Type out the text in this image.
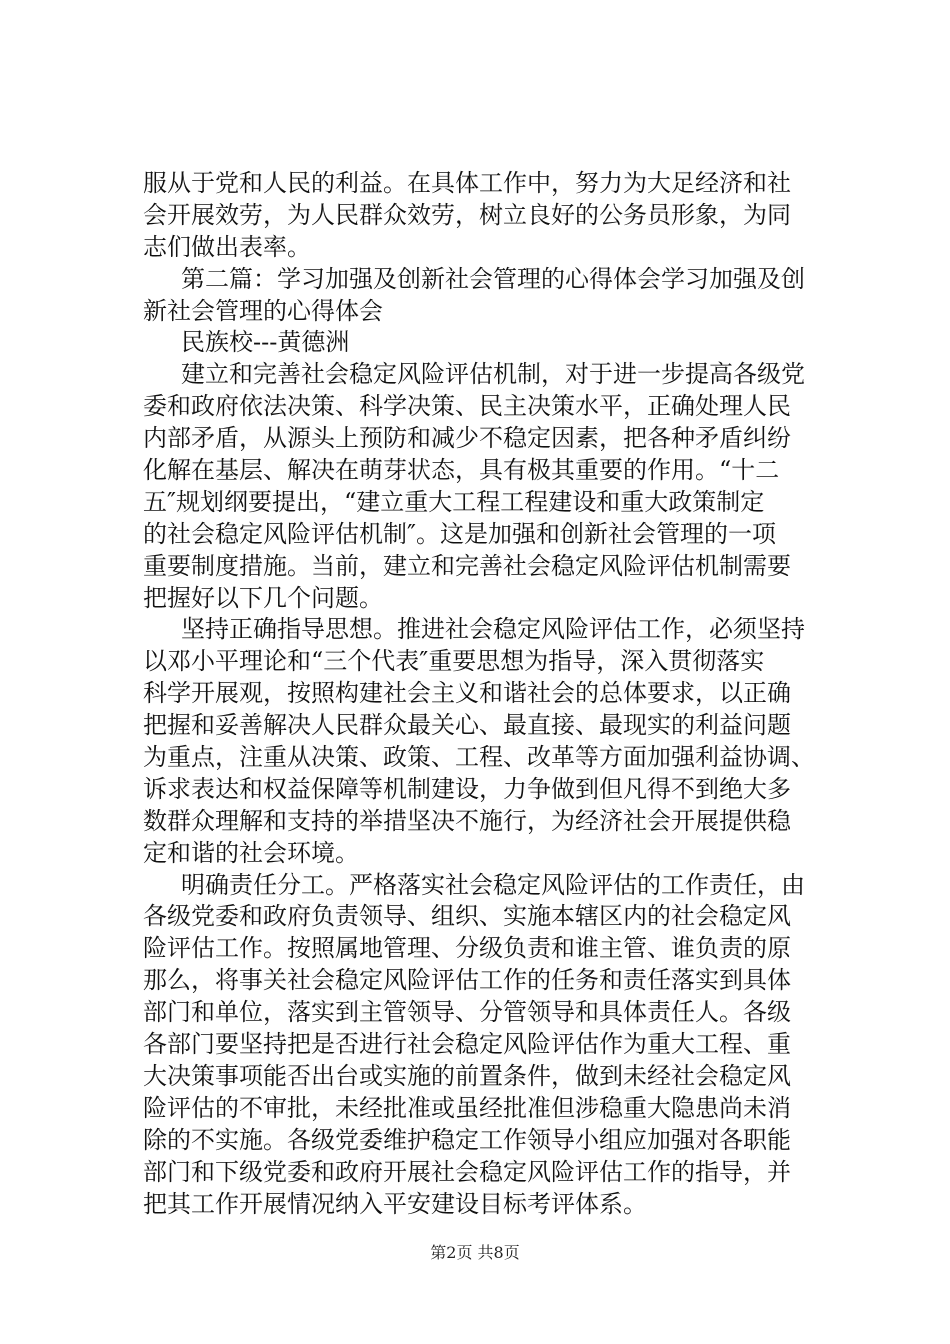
服从于党和人民的利益。在具体工作中，努力为大足经济和社
会开展效劳，为人民群众效劳，树立良好的公务员形象，为同
志们做出表率。
第二篇：学习加强及创新社会管理的心得体会学习加强及创
新社会管理的心得体会
民族校---黄德洲
建立和完善社会稳定风险评估机制，对于进一步提高各级党
委和政府依法决策、科学决策、民主决策水平，正确处理人民
内部矛盾，从源头上预防和减少不稳定因素，把各种矛盾纠纷
化解在基层、解决在萌芽状态，具有极其重要的作用。“十二
五″规划纲要提出，“建立重大工程工程建设和重大政策制定
的社会稳定风险评估机制″。这是加强和创新社会管理的一项
重要制度措施。当前，建立和完善社会稳定风险评估机制需要
把握好以下几个问题。
坚持正确指导思想。推进社会稳定风险评估工作，必须坚持
以邓小平理论和“三个代表″重要思想为指导，深入贯彻落实
科学开展观，按照构建社会主义和谐社会的总体要求，以正确
把握和妥善解决人民群众最关心、最直接、最现实的利益问题
为重点，注重从决策、政策、工程、改革等方面加强利益协调、
诉求表达和权益保障等机制建设，力争做到但凡得不到绝大多
数群众理解和支持的举措坚决不施行，为经济社会开展提供稳
定和谐的社会环境。
明确责任分工。严格落实社会稳定风险评估的工作责任，由
各级党委和政府负责领导、组织、实施本辖区内的社会稳定风
险评估工作。按照属地管理、分级负责和谁主管、谁负责的原
那么，将事关社会稳定风险评估工作的任务和责任落实到具体
部门和单位，落实到主管领导、分管领导和具体责任人。各级
各部门要坚持把是否进行社会稳定风险评估作为重大工程、重
大决策事项能否出台或实施的前置条件，做到未经社会稳定风
险评估的不审批，未经批准或虽经批准但涉稳重大隐患尚未消
除的不实施。各级党委维护稳定工作领导小组应加强对各职能
部门和下级党委和政府开展社会稳定风险评估工作的指导，并
把其工作开展情况纳入平安建设目标考评体系。
第2页 共8页
